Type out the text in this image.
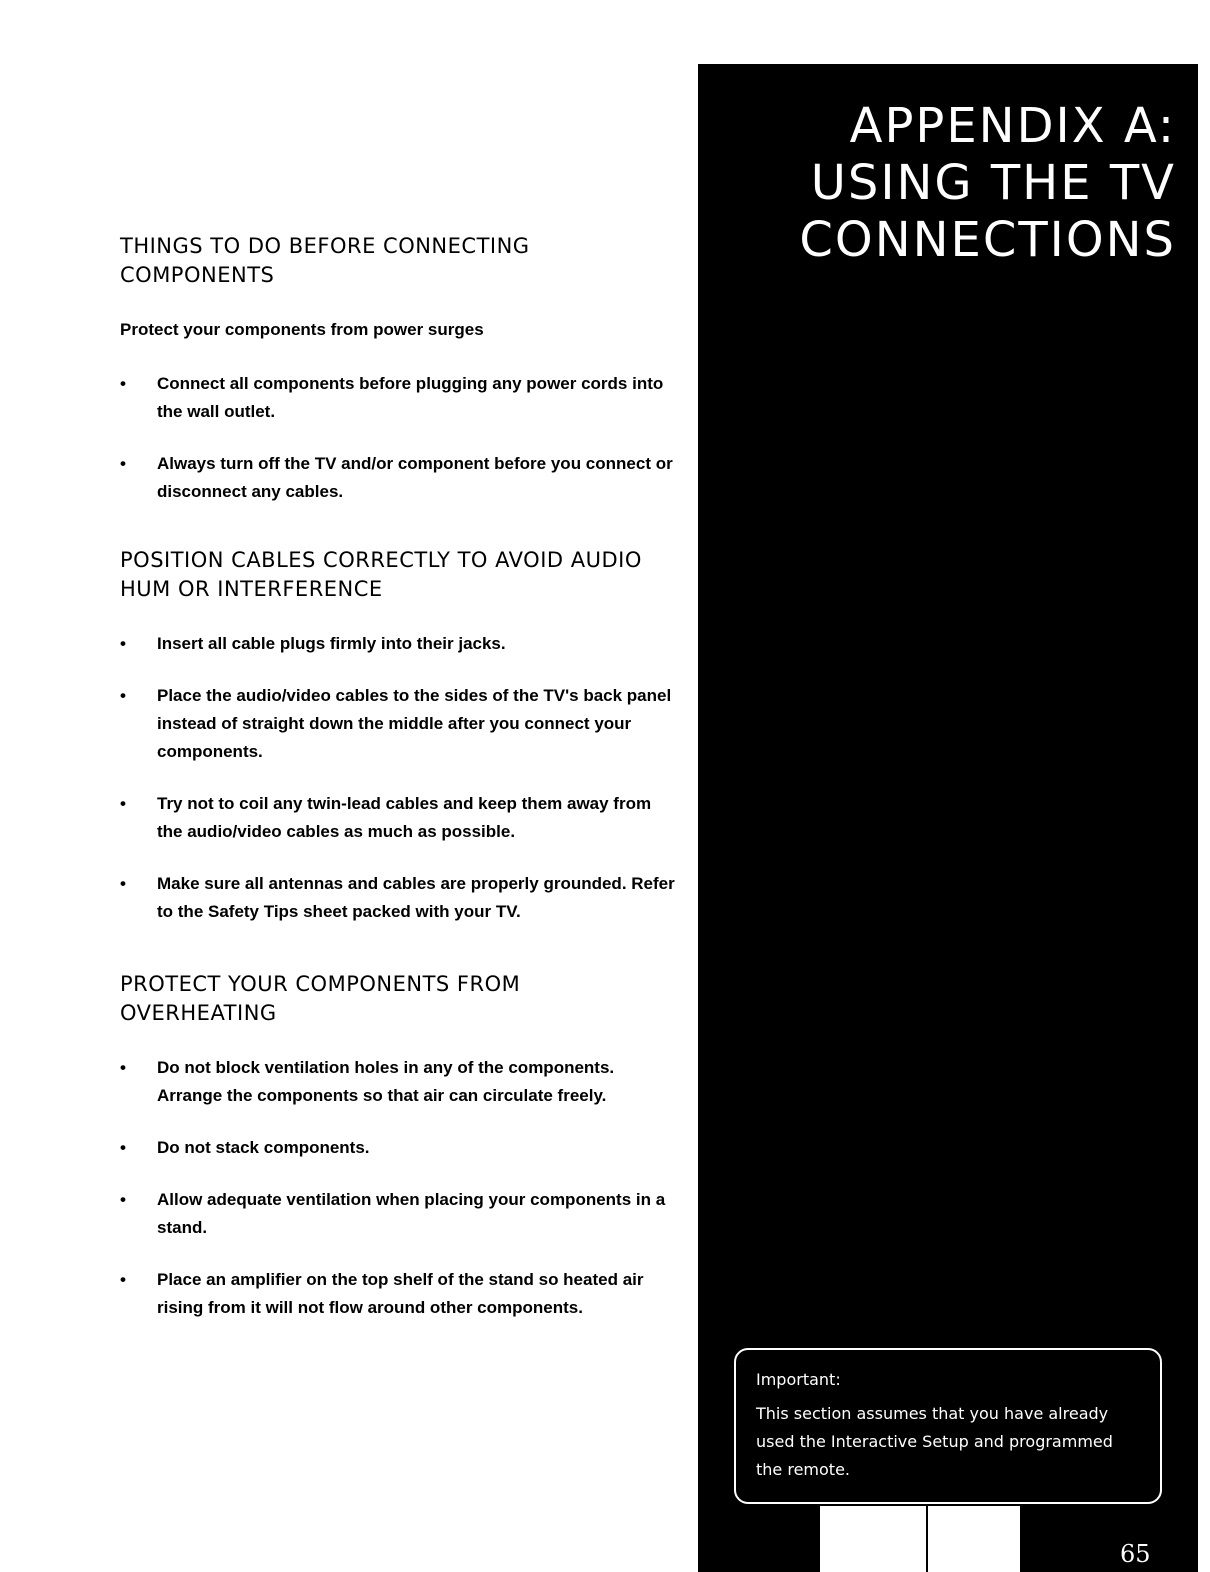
THINGS TO DO BEFORE CONNECTING COMPONENTS
Protect your components from power surges
• Connect all components before plugging any power cords into the wall outlet.
• Always turn off the TV and/or component before you connect or disconnect any cables.
POSITION CABLES CORRECTLY TO AVOID AUDIO HUM OR INTERFERENCE
• Insert all cable plugs firmly into their jacks.
• Place the audio/video cables to the sides of the TV's back panel instead of straight down the middle after you connect your components.
• Try not to coil any twin-lead cables and keep them away from the audio/video cables as much as possible.
• Make sure all antennas and cables are properly grounded. Refer to the Safety Tips sheet packed with your TV.
PROTECT YOUR COMPONENTS FROM OVERHEATING
• Do not block ventilation holes in any of the components. Arrange the components so that air can circulate freely.
• Do not stack components.
• Allow adequate ventilation when placing your components in a stand.
• Place an amplifier on the top shelf of the stand so heated air rising from it will not flow around other components.
APPENDIX A:
USING THE TV
CONNECTIONS
Important:
This section assumes that you have already used the Interactive Setup and programmed the remote.
65
